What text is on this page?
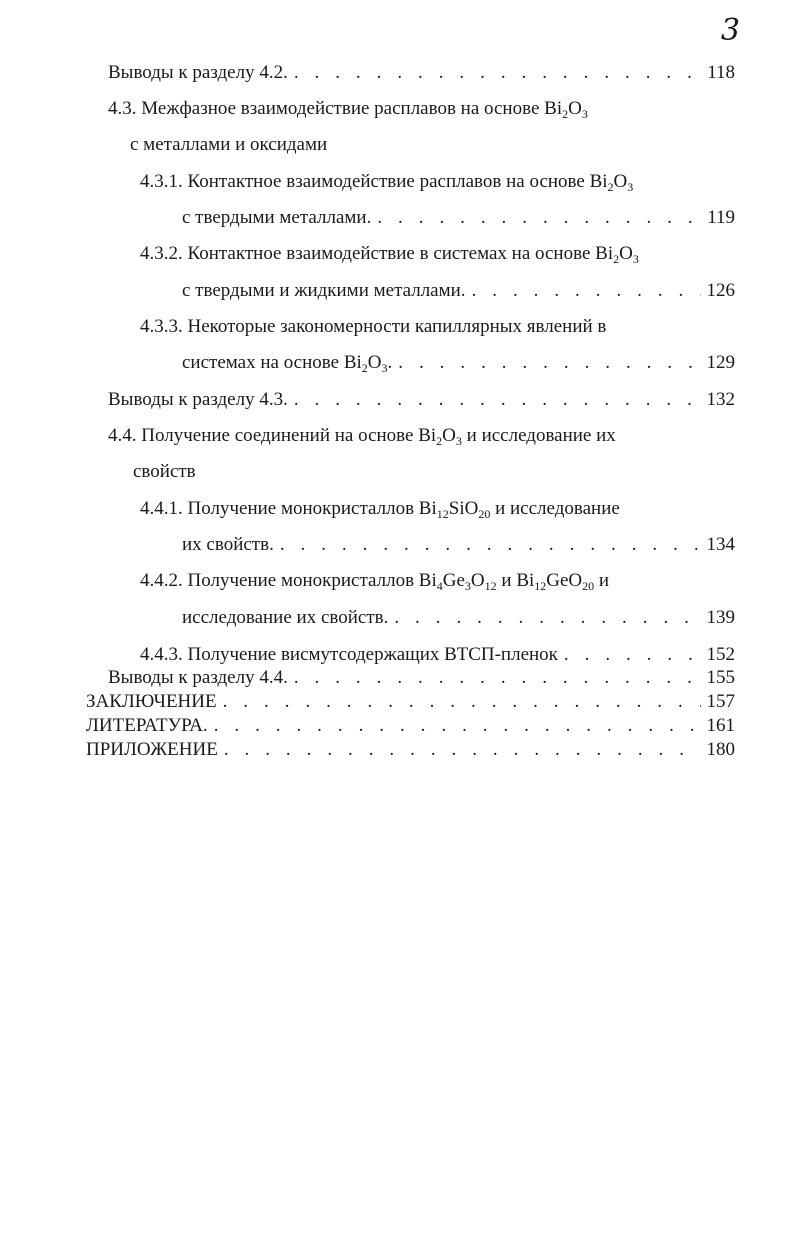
3
Выводы к разделу 4.2. . . .	118
4.3. Межфазное взаимодействие расплавов на основе $Bi_2O_3$
с металлами и оксидами
4.3.1. Контактное взаимодействие расплавов на основе $Bi_2O_3$
с твердыми металлами. . . .	119
4.3.2. Контактное взаимодействие в системах на основе $Bi_2O_3$
с твердыми и жидкими металлами. . . .	126
4.3.3. Некоторые закономерности капиллярных явлений в
системах на основе $Bi_2O_3$. . . .	129
Выводы к разделу 4.3. . . .	132
4.4. Получение соединений на основе $Bi_2O_3$ и исследование их
свойств
4.4.1. Получение монокристаллов $Bi_{12}SiO_{20}$ и исследование
их свойств. . . .	134
4.4.2. Получение монокристаллов $Bi_4Ge_3O_{12}$ и $Bi_{12}GeO_{20}$ и
исследование их свойств. . . .	139
4.4.3. Получение висмутсодержащих ВТСП-пленок . . .	152
Выводы к разделу 4.4. . . .	155
ЗАКЛЮЧЕНИЕ . . .	157
ЛИТЕРАТУРА. . . .	161
ПРИЛОЖЕНИЕ . . .	180
